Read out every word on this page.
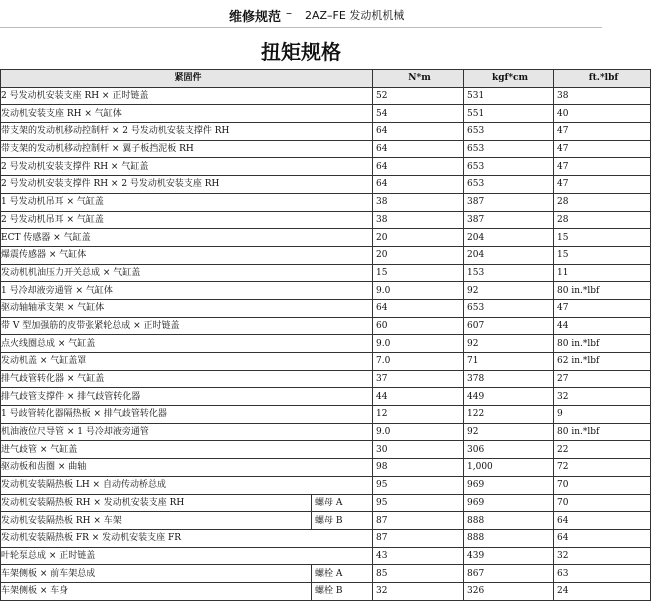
维修规范 – 2AZ–FE 发动机机械
扭矩规格
紧固件		N*m	kgf*cm	ft.*lbf
2 号发动机安装支座 RH × 正时链盖		52	531	38
发动机安装支座 RH × 气缸体		54	551	40
带支架的发动机移动控制杆 × 2 号发动机安装支撑件 RH		64	653	47
带支架的发动机移动控制杆 × 翼子板挡泥板 RH		64	653	47
2 号发动机安装支撑件 RH × 气缸盖		64	653	47
2 号发动机安装支撑件 RH × 2 号发动机安装支座 RH		64	653	47
1 号发动机吊耳 × 气缸盖		38	387	28
2 号发动机吊耳 × 气缸盖		38	387	28
ECT 传感器 × 气缸盖		20	204	15
爆震传感器 × 气缸体		20	204	15
发动机机油压力开关总成 × 气缸盖		15	153	11
1 号冷却液旁通管 × 气缸体		9.0	92	80 in.*lbf
驱动轴轴承支架 × 气缸体		64	653	47
带 V 型加强筋的皮带张紧轮总成 × 正时链盖		60	607	44
点火线圈总成 × 气缸盖		9.0	92	80 in.*lbf
发动机盖 × 气缸盖罩		7.0	71	62 in.*lbf
排气歧管转化器 × 气缸盖		37	378	27
排气歧管支撑件 × 排气歧管转化器		44	449	32
1 号歧管转化器隔热板 × 排气歧管转化器		12	122	9
机油液位尺导管 × 1 号冷却液旁通管		9.0	92	80 in.*lbf
进气歧管 × 气缸盖		30	306	22
驱动板和齿圈 × 曲轴		98	1,000	72
发动机安装隔热板 LH × 自动传动桥总成		95	969	70
发动机安装隔热板 RH × 发动机安装支座 RH	螺母 A	95	969	70
发动机安装隔热板 RH × 车架	螺母 B	87	888	64
发动机安装隔热板 FR × 发动机安装支座 FR		87	888	64
叶轮泵总成 × 正时链盖		43	439	32
车架侧板 × 前车架总成	螺栓 A	85	867	63
车架侧板 × 车身	螺栓 B	32	326	24
